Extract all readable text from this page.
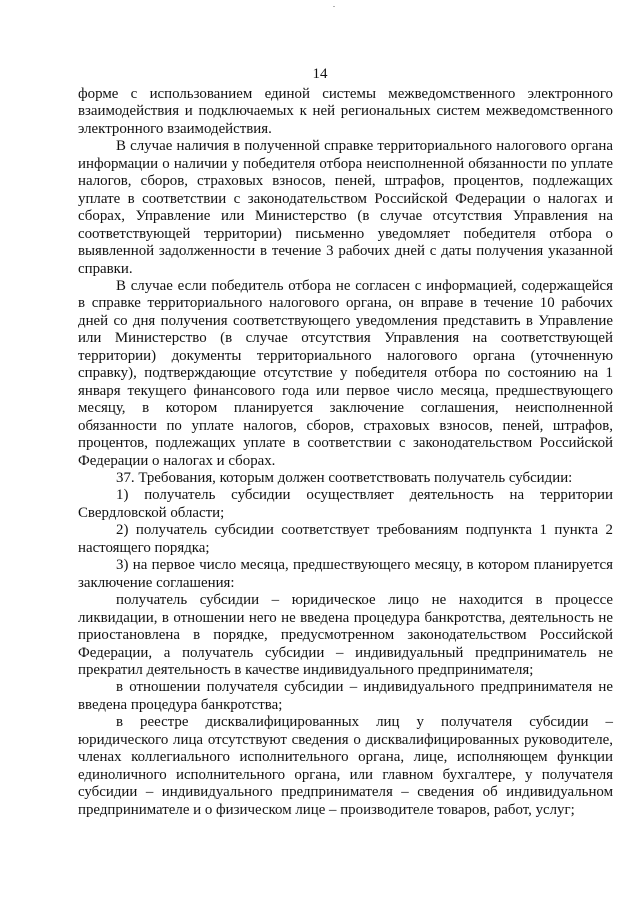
14

форме с использованием единой системы межведомственного электронного взаимодействия и подключаемых к ней региональных систем межведомственного электронного взаимодействия.

В случае наличия в полученной справке территориального налогового органа информации о наличии у победителя отбора неисполненной обязанности по уплате налогов, сборов, страховых взносов, пеней, штрафов, процентов, подлежащих уплате в соответствии с законодательством Российской Федерации о налогах и сборах, Управление или Министерство (в случае отсутствия Управления на соответствующей территории) письменно уведомляет победителя отбора о выявленной задолженности в течение 3 рабочих дней с даты получения указанной справки.

В случае если победитель отбора не согласен с информацией, содержащейся в справке территориального налогового органа, он вправе в течение 10 рабочих дней со дня получения соответствующего уведомления представить в Управление или Министерство (в случае отсутствия Управления на соответствующей территории) документы территориального налогового органа (уточненную справку), подтверждающие отсутствие у победителя отбора по состоянию на 1 января текущего финансового года или первое число месяца, предшествующего месяцу, в котором планируется заключение соглашения, неисполненной обязанности по уплате налогов, сборов, страховых взносов, пеней, штрафов, процентов, подлежащих уплате в соответствии с законодательством Российской Федерации о налогах и сборах.

37. Требования, которым должен соответствовать получатель субсидии:

1) получатель субсидии осуществляет деятельность на территории Свердловской области;

2) получатель субсидии соответствует требованиям подпункта 1 пункта 2 настоящего порядка;

3) на первое число месяца, предшествующего месяцу, в котором планируется заключение соглашения:

получатель субсидии – юридическое лицо не находится в процессе ликвидации, в отношении него не введена процедура банкротства, деятельность не приостановлена в порядке, предусмотренном законодательством Российской Федерации, а получатель субсидии – индивидуальный предприниматель не прекратил деятельность в качестве индивидуального предпринимателя;

в отношении получателя субсидии – индивидуального предпринимателя не введена процедура банкротства;

в реестре дисквалифицированных лиц у получателя субсидии – юридического лица отсутствуют сведения о дисквалифицированных руководителе, членах коллегиального исполнительного органа, лице, исполняющем функции единоличного исполнительного органа, или главном бухгалтере, у получателя субсидии – индивидуального предпринимателя – сведения об индивидуальном предпринимателе и о физическом лице – производителе товаров, работ, услуг;
